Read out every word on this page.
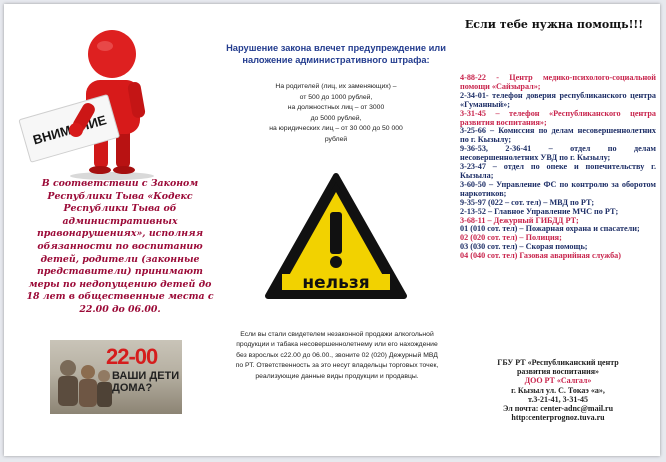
В соответствии с Законом Республики Тыва «Кодекс Республики Тыва об административных правонарушениях», исполняя обязанности по воспитанию детей, родители (законные представители) принимают меры по недопущению детей до 18 лет в общественные места с 22.00 до 06.00.
22-00
ВАШИ ДЕТИ ДОМА?
Нарушение закона влечет предупреждение или наложение административного штрафа:
На родителей (лиц, их заменяющих) –
от 500 до 1000 рублей,
на должностных лиц – от 3000
до 5000 рублей,
на юридических лиц – от 30 000 до 50 000
рублей
нельзя
Если вы стали свидетелем незаконной продажи алкогольной продукции и табака несовершеннолетнему или его нахождение без взрослых с22.00 до 06.00., звоните 02 (020) Дежурный МВД по РТ. Ответственность за это несут владельцы торговых точек, реализующие данные виды продукции и продавцы.
Если тебе нужна помощь!!!
4-88-22 - Центр медико-психолого-социальной помощи «Сайзырал»;
2-34-01- телефон доверия республиканского центра «Гуманный»;
3-31-45 – телефон «Республиканского центра развития воспитания»;
3-25-66 – Комиссия по делам несовершеннолетних по г. Кызылу;
9-36-53, 2-36-41 – отдел по делам несовершеннолетних УВД по г. Кызылу;
3-23-47 – отдел по опеке и попечительству г. Кызыла;
3-60-50 – Управление ФС по контролю за оборотом наркотиков;
9-35-97 (022 – сот. тел) – МВД по РТ;
2-13-52 – Главное Управление МЧС по РТ;
3-68-11 – Дежурный ГИБДД РТ;
01 (010 сот. тел) – Пожарная охрана и спасатели;
02 (020 сот. тел) – Полиция;
03 (030 сот. тел) – Скорая помощь;
04 (040 сот. тел) Газовая аварийная служба)
ГБУ РТ «Республиканский центр
развития воспитания»
ДОО РТ «Салгал»
г. Кызыл ул. С. Токаэ «а»,
т.3-21-41, 3-31-45
Эл почта: center-adnc@mail.ru
http:centerprognoz.tuva.ru
